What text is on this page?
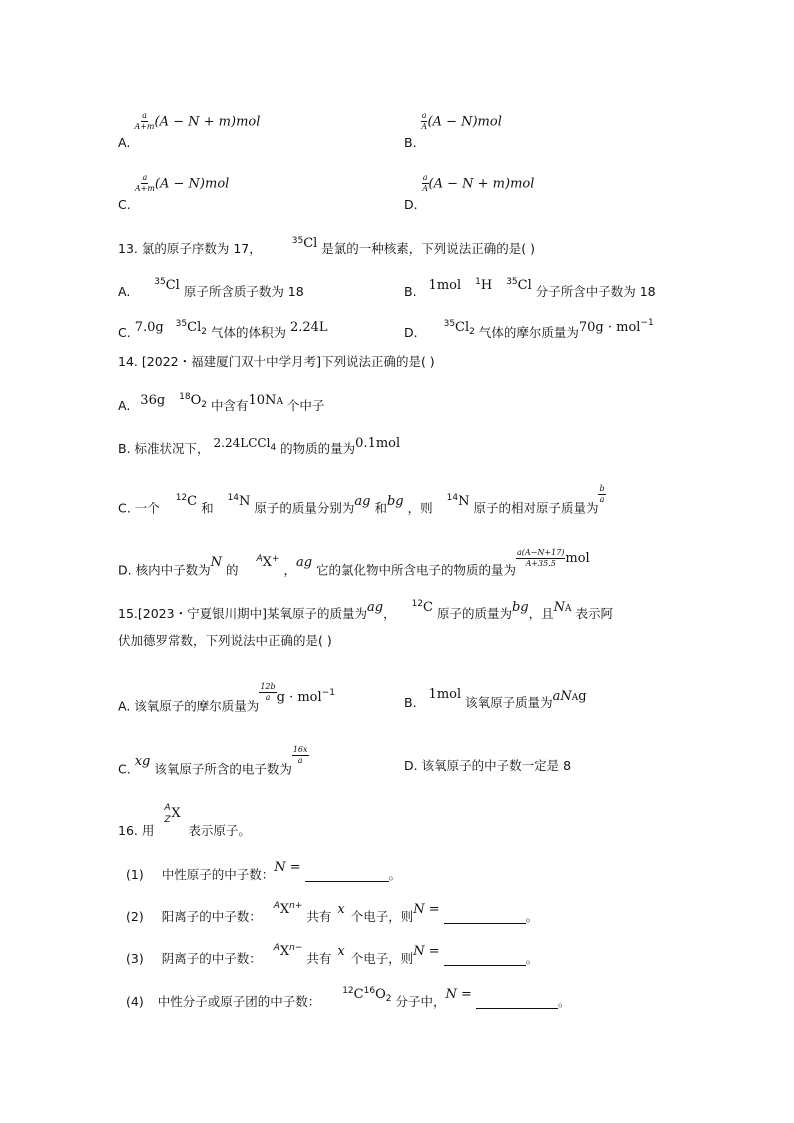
A.
$\frac{a}{A+m} (A - N + m)mol$
B.
$\frac{a}{A} (A - N)mol$
C.
$\frac{a}{A+m} (A - N)mol$
D.
$\frac{a}{A} (A - N + m)mol$
13. 氯的原子序数为 17，	$^{35}$Cl 是氯的一种核素，下列说法正确的是( )
A.  $^{35}$Cl 原子所含质子数为 18	B. 1mol $^1$H $^{35}$Cl 分子所含中子数为 18
C. 7.0g $^{35}$Cl$^2$ 气体的体积为 2.24L	D. $^{35}$Cl$^2$ 气体的摩尔质量为70g · mol$^{-1}$
14. [2022・福建厦门双十中学月考]下列说法正确的是( )
A. 36g $^{18}O^2$ 中含有10NA 个中子
B. 标准状况下， 2.24LCCl$^4$ 的物质的量为0.1mol
C. 一个 $^{12}$C 和 $^{14}$N 原子的质量分别为ag 和bg ，则 $^{14}$N 原子的相对原子质量为
$\frac{b}{a}$
D. 核内中子数为N 的 $^A$X+ ，ag 它的氯化物中所含电子的物质的量为
$\frac{a(A-N+17)}{A+35.5}$ mol
15.[2023・宁夏银川期中]某氧原子的质量为ag， $^{12}$C 原子的质量为bg，且NA 表示阿
伏加德罗常数，下列说法中正确的是( )
A. 该氧原子的摩尔质量为
$\frac{12b}{a}$ g · mol$^{-1}$
B. 1mol 该氧原子质量为aNAg
C. xg 该氧原子所含的电子数为
$\frac{16x}{a}$	D. 该氧原子的中子数一定是 8
16. 用
A
Z X
表示原子。
(1) 中性原子的中子数：N =	。
(2) 阳离子的中子数： $^AX^{n+}$ 共有 x 个电子，则N =	。
(3) 阴离子的中子数： $^AX^{n-}$ 共有 x 个电子，则N =	。
(4) 中性分子或原子团的中子数： $^{12}C^{16}O^2$ 分子中，N =	。
